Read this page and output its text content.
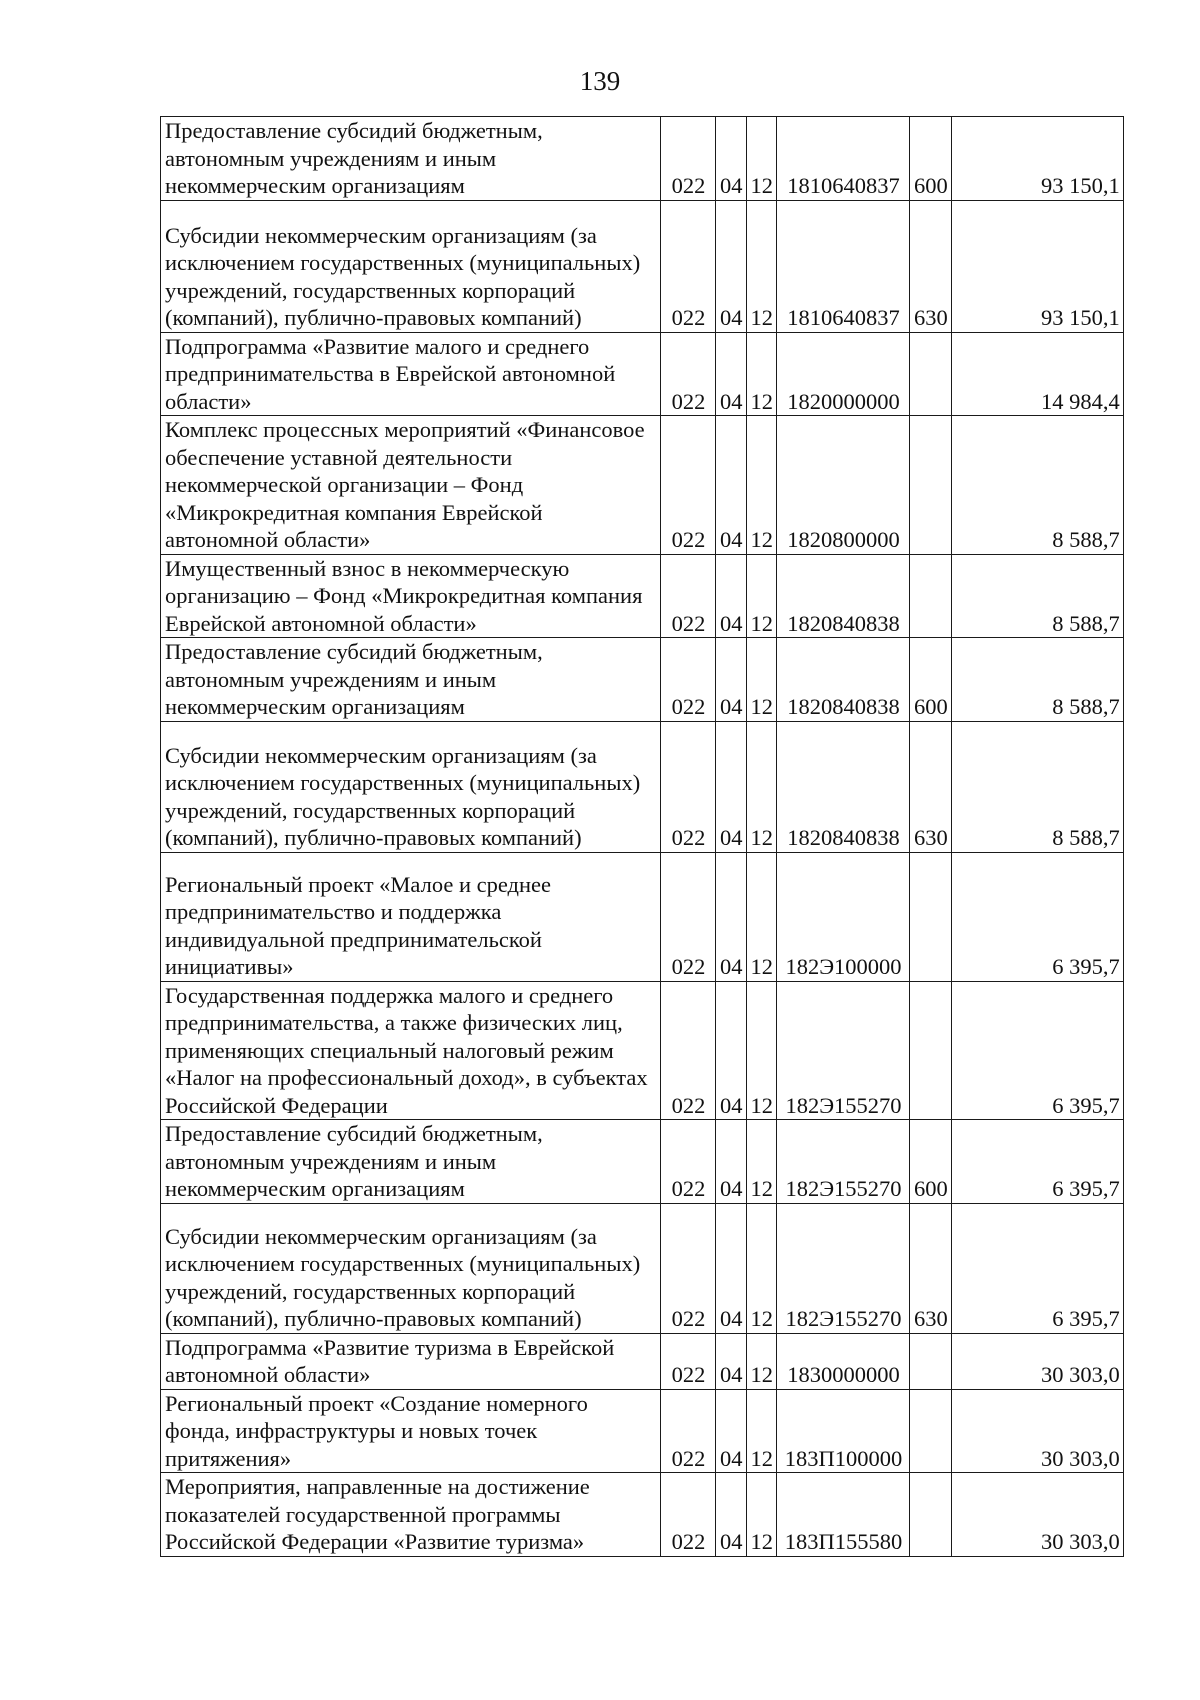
139
Предоставление субсидий бюджетным, автономным учреждениям и иным некоммерческим организациям	022	04	12	1810640837	600	93 150,1
Субсидии некоммерческим организациям (за исключением государственных (муниципальных) учреждений, государственных корпораций (компаний), публично-правовых компаний)	022	04	12	1810640837	630	93 150,1
Подпрограмма «Развитие малого и среднего предпринимательства в Еврейской автономной области»	022	04	12	1820000000		14 984,4
Комплекс процессных мероприятий «Финансовое обеспечение уставной деятельности некоммерческой организации – Фонд «Микрокредитная компания Еврейской автономной области»	022	04	12	1820800000		8 588,7
Имущественный взнос в некоммерческую организацию – Фонд «Микрокредитная компания Еврейской автономной области»	022	04	12	1820840838		8 588,7
Предоставление субсидий бюджетным, автономным учреждениям и иным некоммерческим организациям	022	04	12	1820840838	600	8 588,7
Субсидии некоммерческим организациям (за исключением государственных (муниципальных) учреждений, государственных корпораций (компаний), публично-правовых компаний)	022	04	12	1820840838	630	8 588,7
Региональный проект «Малое и среднее предпринимательство и поддержка индивидуальной предпринимательской инициативы»	022	04	12	182Э100000		6 395,7
Государственная поддержка малого и среднего предпринимательства, а также физических лиц, применяющих специальный налоговый режим «Налог на профессиональный доход», в субъектах Российской Федерации	022	04	12	182Э155270		6 395,7
Предоставление субсидий бюджетным, автономным учреждениям и иным некоммерческим организациям	022	04	12	182Э155270	600	6 395,7
Субсидии некоммерческим организациям (за исключением государственных (муниципальных) учреждений, государственных корпораций (компаний), публично-правовых компаний)	022	04	12	182Э155270	630	6 395,7
Подпрограмма «Развитие туризма в Еврейской автономной области»	022	04	12	1830000000		30 303,0
Региональный проект «Создание номерного фонда, инфраструктуры и новых точек притяжения»	022	04	12	183П100000		30 303,0
Мероприятия, направленные на достижение показателей государственной программы Российской Федерации «Развитие туризма»	022	04	12	183П155580		30 303,0
